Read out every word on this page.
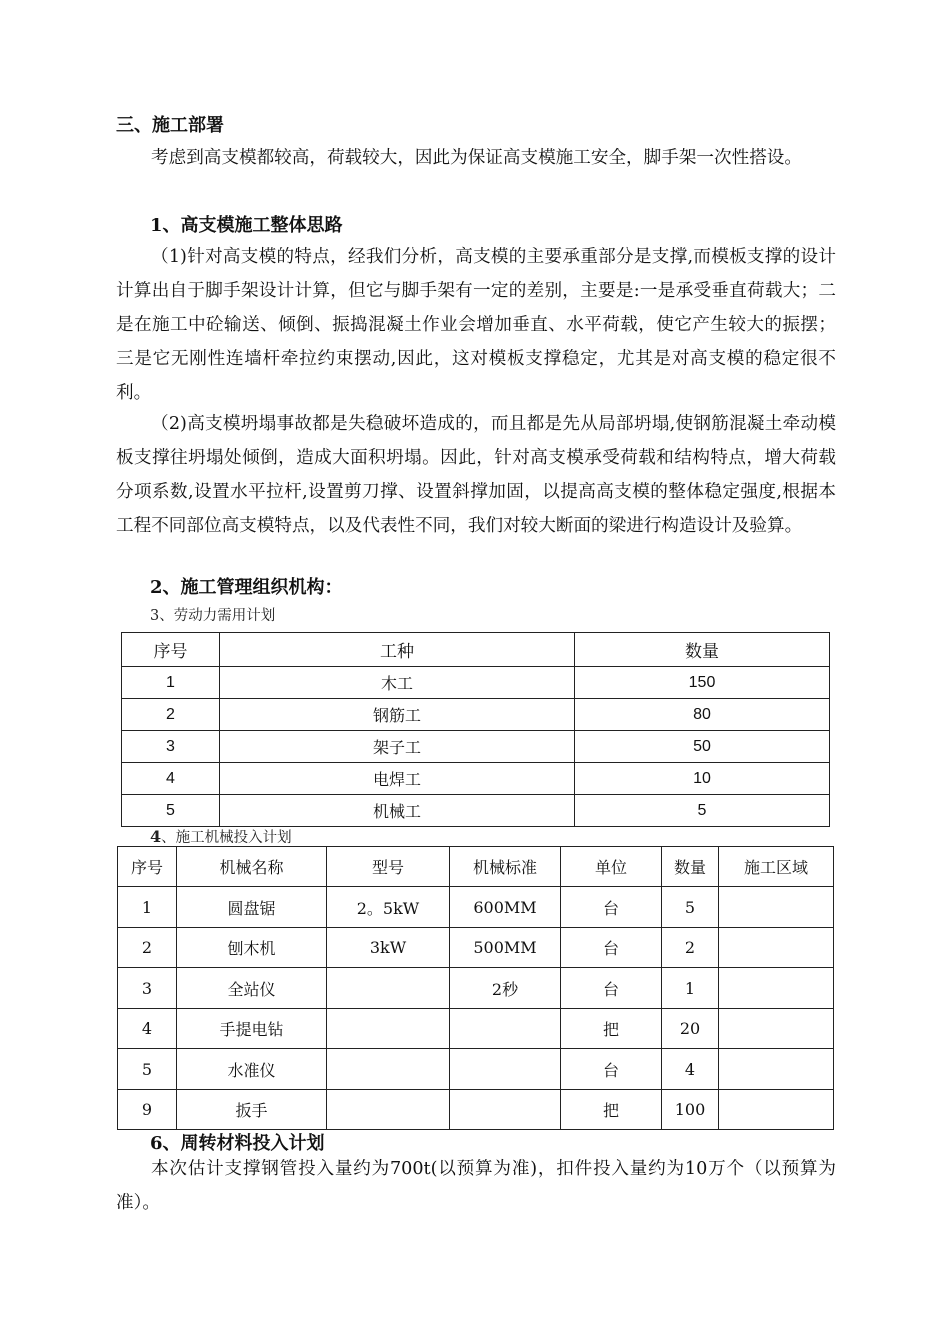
三、施工部署
考虑到高支模都较高，荷载较大，因此为保证高支模施工安全，脚手架一次性搭设。
1、高支模施工整体思路
（1)针对高支模的特点，经我们分析，高支模的主要承重部分是支撑,而模板支撑的设计计算出自于脚手架设计计算，但它与脚手架有一定的差别，主要是:一是承受垂直荷载大；二是在施工中砼输送、倾倒、振捣混凝土作业会增加垂直、水平荷载，使它产生较大的振摆；三是它无刚性连墙杆牵拉约束摆动,因此，这对模板支撑稳定，尤其是对高支模的稳定很不利。
（2)高支模坍塌事故都是失稳破坏造成的，而且都是先从局部坍塌,使钢筋混凝土牵动模板支撑往坍塌处倾倒，造成大面积坍塌。因此，针对高支模承受荷载和结构特点，增大荷载分项系数,设置水平拉杆,设置剪刀撑、设置斜撑加固，以提高高支模的整体稳定强度,根据本工程不同部位高支模特点，以及代表性不同，我们对较大断面的梁进行构造设计及验算。
2、施工管理组织机构：
3、劳动力需用计划
序号	工种	数量
1	木工	150
2	钢筋工	80
3	架子工	50
4	电焊工	10
5	机械工	5
4、施工机械投入计划
序号	机械名称	型号	机械标准	单位	数量	施工区域
1	圆盘锯	2。5kW	600MM	台	5	
2	刨木机	3kW	500MM	台	2	
3	全站仪		2秒	台	1	
4	手提电钻			把	20	
5	水准仪			台	4	
9	扳手			把	100	
6、周转材料投入计划
本次估计支撑钢管投入量约为700t(以预算为准)，扣件投入量约为10万个（以预算为准）。
